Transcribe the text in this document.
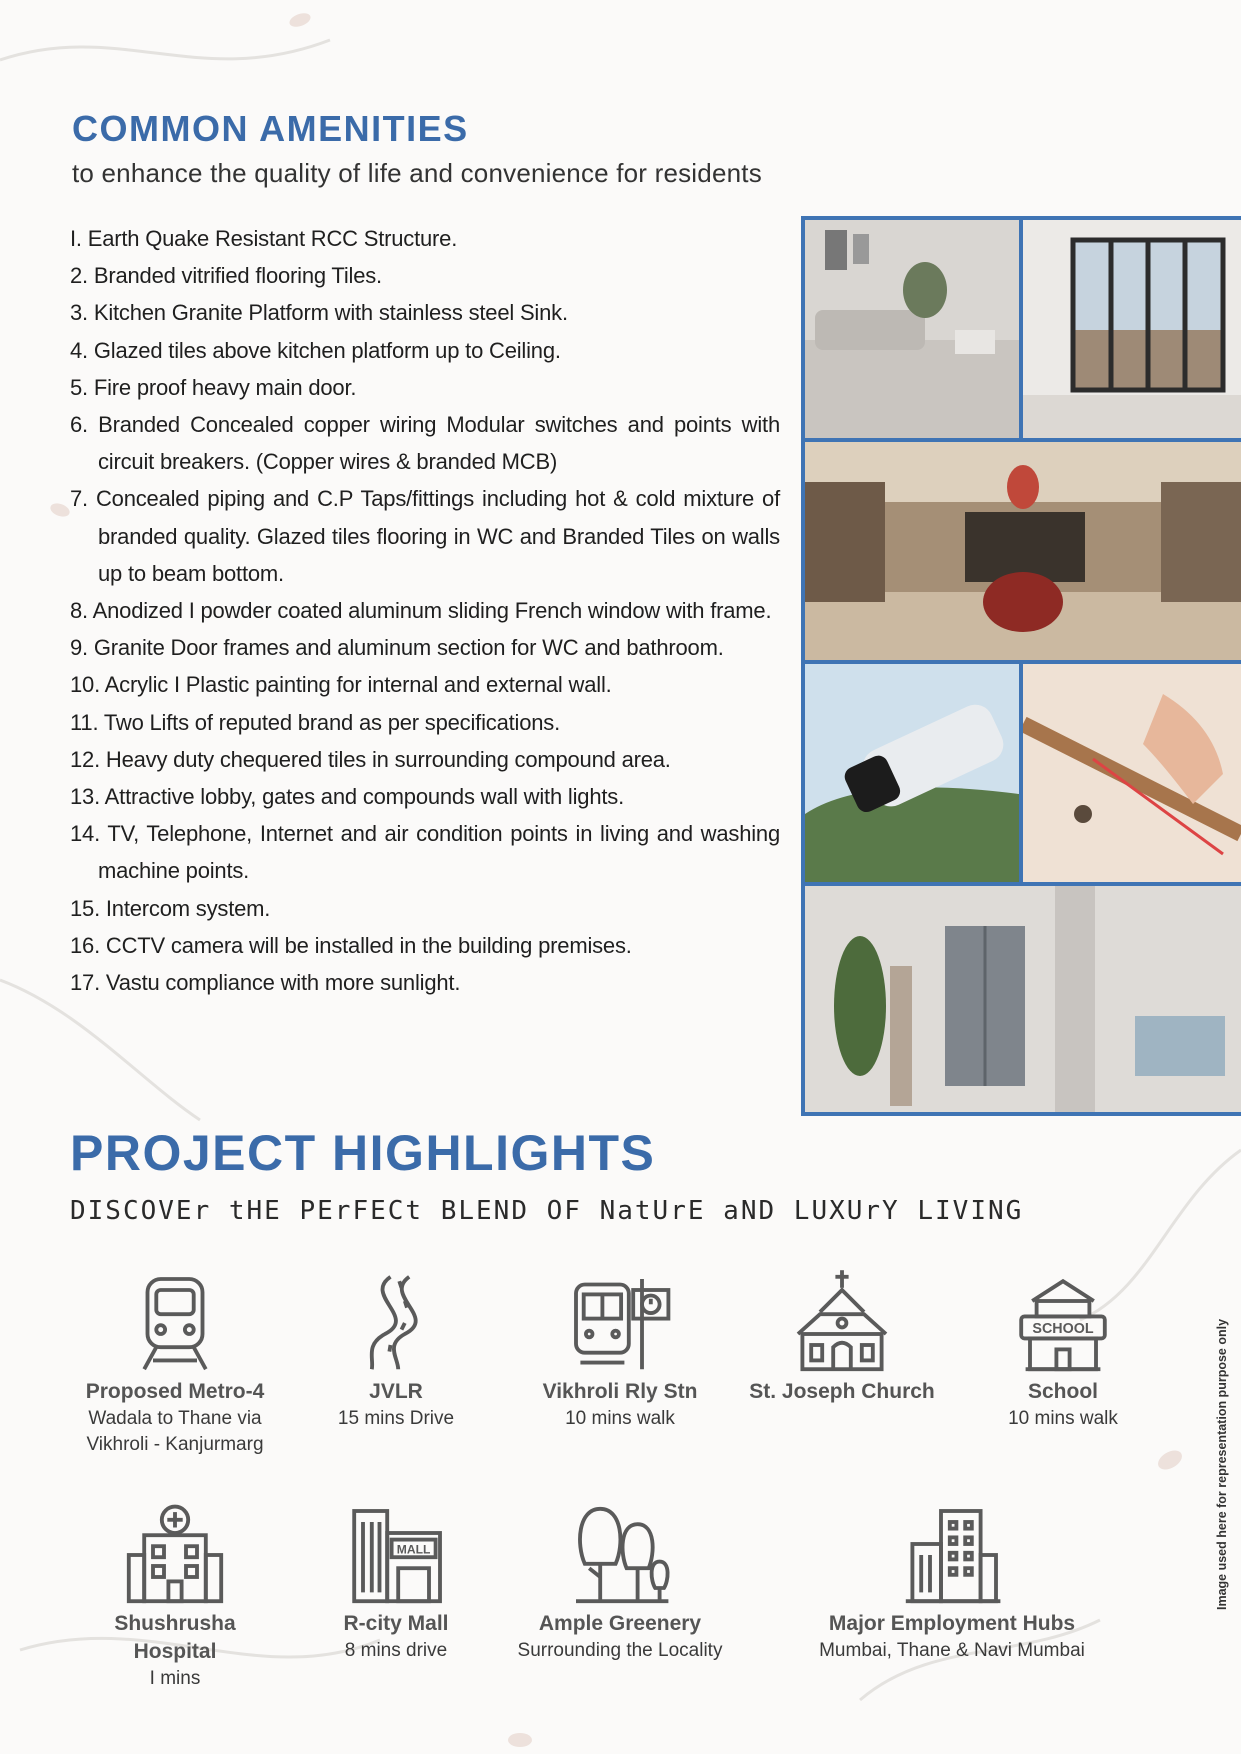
COMMON AMENITIES

to enhance the quality of life and convenience for residents

I. Earth Quake Resistant RCC Structure.
2. Branded vitrified flooring Tiles.
3. Kitchen Granite Platform with stainless steel Sink.
4. Glazed tiles above kitchen platform up to Ceiling.
5. Fire proof heavy main door.
6. Branded Concealed copper wiring Modular switches and points with circuit breakers. (Copper wires & branded MCB)
7. Concealed piping and C.P Taps/fittings including hot & cold mixture of branded quality. Glazed tiles flooring in WC and Branded Tiles on walls up to beam bottom.
8. Anodized I powder coated aluminum sliding French window with frame.
9. Granite Door frames and aluminum section for WC and bathroom.
10. Acrylic I Plastic painting for internal and external wall.
11. Two Lifts of reputed brand as per specifications.
12. Heavy duty chequered tiles in surrounding compound area.
13. Attractive lobby, gates and compounds wall with lights.
14. TV, Telephone, Internet and air condition points in living and washing machine points.
15. Intercom system.
16. CCTV camera will be installed in the building premises.
17. Vastu compliance with more sunlight.
PROJECT HIGHLIGHTS

DISCOVEr tHE PErFECt BLEND OF NatUrE aND LUXUrY LIVING

Proposed Metro-4
Wadala to Thane via Vikhroli - Kanjurmarg
JVLR
15 mins Drive
Vikhroli Rly Stn
10 mins walk
St. Joseph Church
SCHOOL
School
10 mins walk
Shushrusha Hospital
I mins
MALL
R-city Mall
8 mins drive
Ample Greenery
Surrounding the Locality
Major Employment Hubs
Mumbai, Thane & Navi Mumbai
Image used here for representation purpose only
